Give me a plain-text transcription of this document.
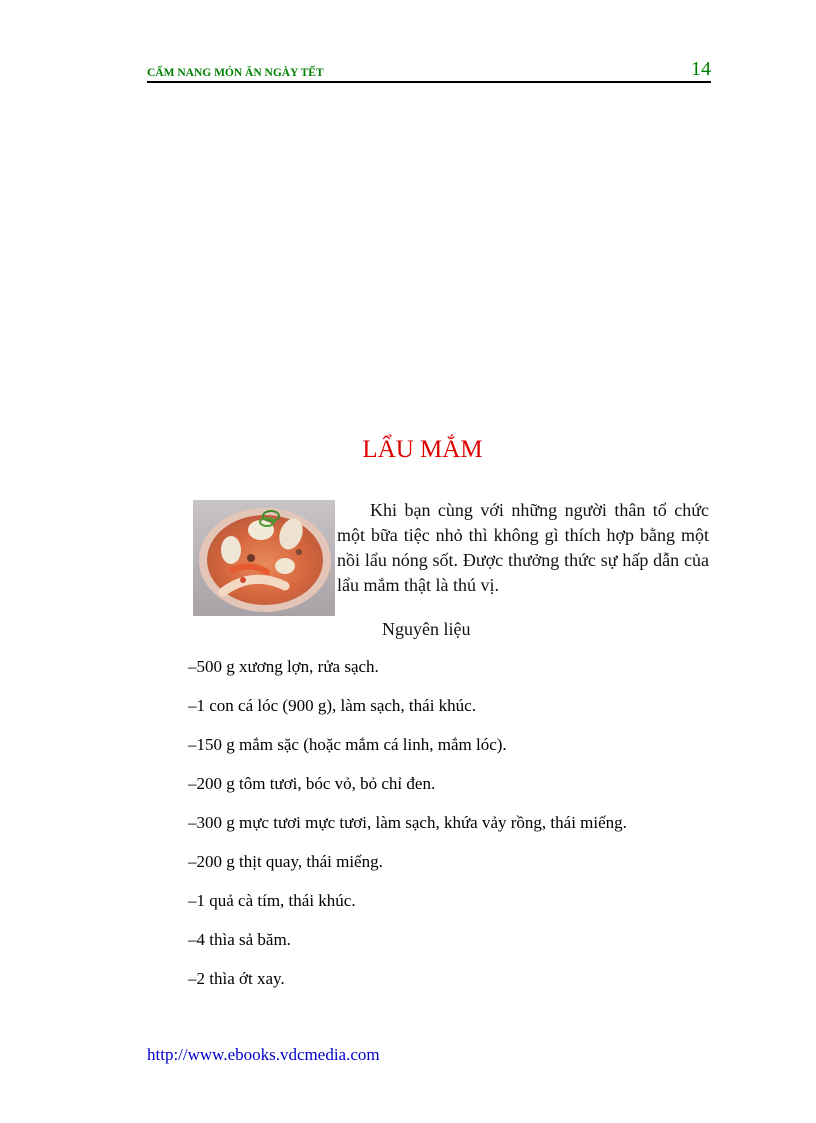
CẨM NANG MÓN ĂN NGÀY TẾT	14
LẨU MẮM

Khi bạn cùng với những người thân tổ chức một bữa tiệc nhỏ thì không gì thích hợp bằng một nồi lẩu nóng sốt. Được thưởng thức sự hấp dẫn của lẩu mắm thật là thú vị.

Nguyên liệu
–500 g xương lợn, rửa sạch.
–1 con cá lóc (900 g), làm sạch, thái khúc.
–150 g mắm sặc (hoặc mắm cá linh, mắm lóc).
–200 g tôm tươi, bóc vỏ, bỏ chỉ đen.
–300 g mực tươi mực tươi, làm sạch, khứa vảy rồng, thái miếng.
–200 g thịt quay, thái miếng.
–1 quả cà tím, thái khúc.
–4 thìa sả băm.
–2 thìa ớt xay.
http://www.ebooks.vdcmedia.com
